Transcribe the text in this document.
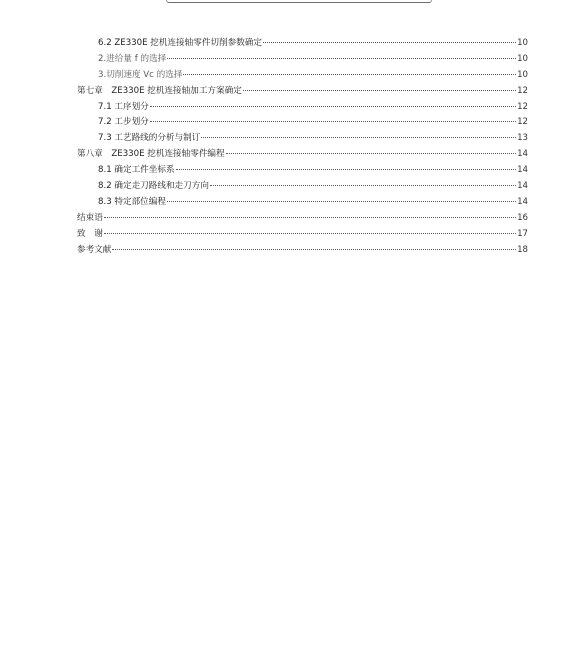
6.2 ZE330E 挖机连接轴零件切削参数确定	10
2.进给量 f 的选择	10
3.切削速度 Vc 的选择	10
第七章　ZE330E 挖机连接轴加工方案确定	12
7.1 工序划分	12
7.2 工步划分	12
7.3 工艺路线的分析与制订	13
第八章　ZE330E 挖机连接轴零件编程	14
8.1 确定工件坐标系	14
8.2 确定走刀路线和走刀方向	14
8.3 特定部位编程	14
结束语	16
致　谢	17
参考文献	18
